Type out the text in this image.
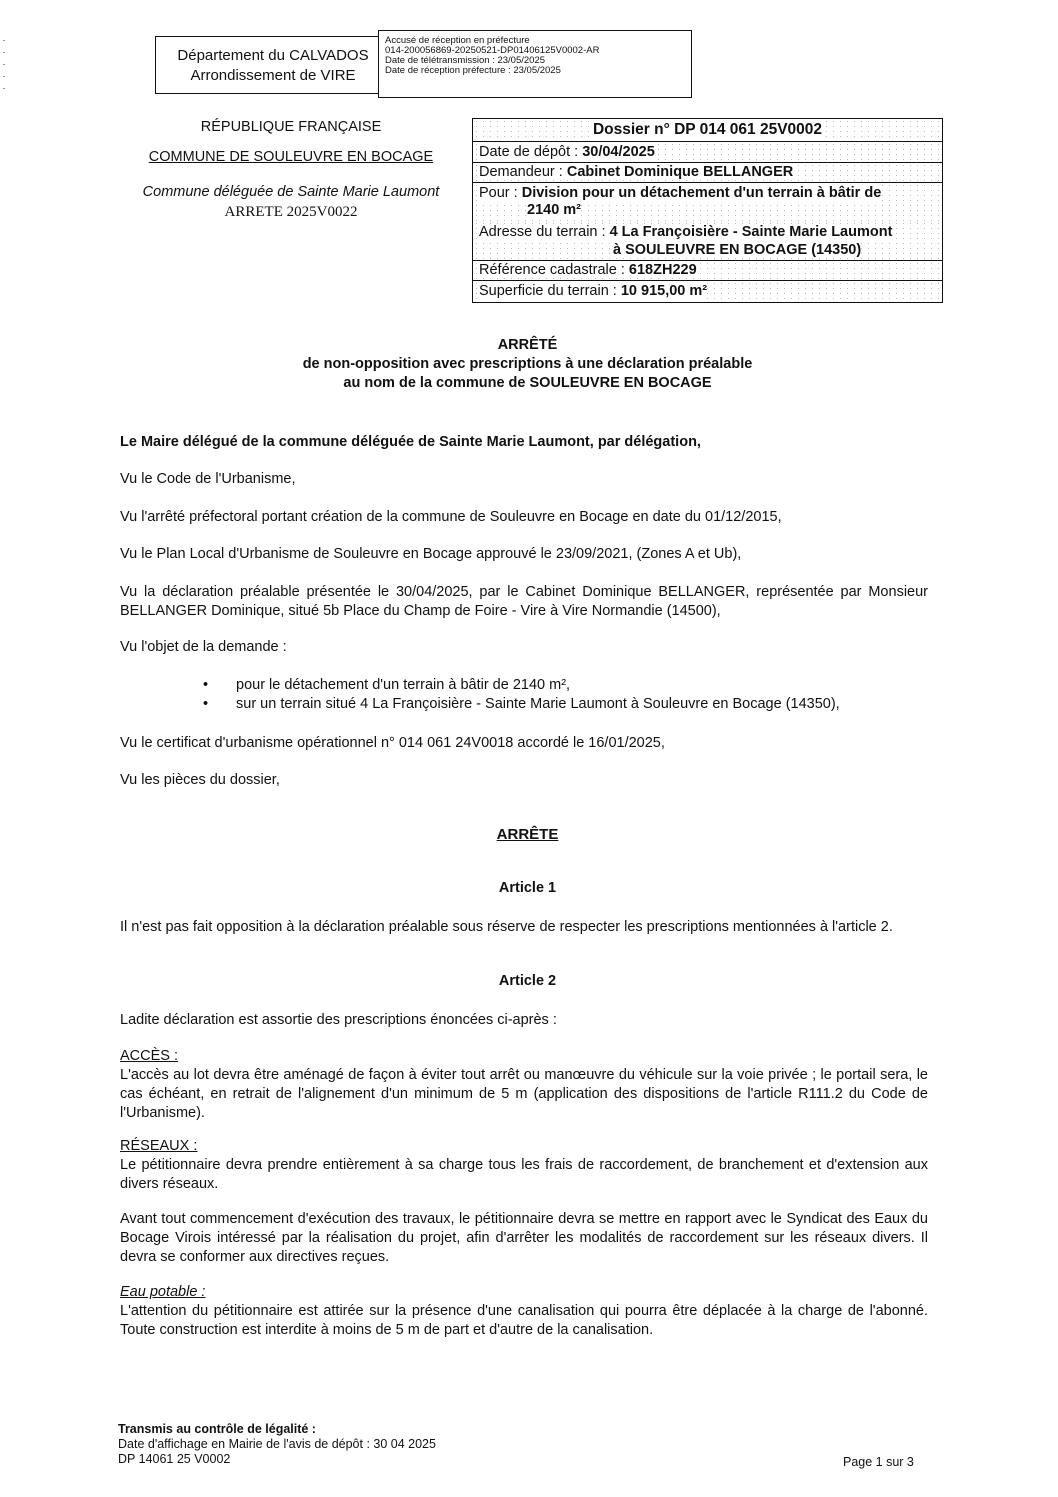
Département du CALVADOS
Arrondissement de VIRE
Accusé de réception en préfecture
014-200056869-20250521-DP01406125V0002-AR
Date de télétransmission : 23/05/2025
Date de réception préfecture : 23/05/2025
RÉPUBLIQUE FRANÇAISE
COMMUNE DE SOULEUVRE EN BOCAGE
Commune déléguée de Sainte Marie Laumont
ARRETE 2025V0022
Dossier n° DP 014 061 25V0002
Date de dépôt : 30/04/2025
Demandeur : Cabinet Dominique BELLANGER
Pour : Division pour un détachement d'un terrain à bâtir de
2140 m²
Adresse du terrain : 4 La Françoisière - Sainte Marie Laumont
à SOULEUVRE EN BOCAGE (14350)
Référence cadastrale : 618ZH229
Superficie du terrain : 10 915,00 m²
ARRÊTÉ
de non-opposition avec prescriptions à une déclaration préalable
au nom de la commune de SOULEUVRE EN BOCAGE
Le Maire délégué de la commune déléguée de Sainte Marie Laumont, par délégation,
Vu le Code de l'Urbanisme,
Vu l'arrêté préfectoral portant création de la commune de Souleuvre en Bocage en date du 01/12/2015,
Vu le Plan Local d'Urbanisme de Souleuvre en Bocage approuvé le 23/09/2021, (Zones A et Ub),
Vu la déclaration préalable présentée le 30/04/2025, par le Cabinet Dominique BELLANGER, représentée par Monsieur BELLANGER Dominique, situé 5b Place du Champ de Foire - Vire à Vire Normandie (14500),
Vu l'objet de la demande :
•	pour le détachement d'un terrain à bâtir de 2140 m²,
•	sur un terrain situé 4 La Françoisière - Sainte Marie Laumont à Souleuvre en Bocage (14350),
Vu le certificat d'urbanisme opérationnel n° 014 061 24V0018 accordé le 16/01/2025,
Vu les pièces du dossier,
ARRÊTE
Article 1
Il n'est pas fait opposition à la déclaration préalable sous réserve de respecter les prescriptions mentionnées à l'article 2.
Article 2
Ladite déclaration est assortie des prescriptions énoncées ci-après :
ACCÈS :
L'accès au lot devra être aménagé de façon à éviter tout arrêt ou manœuvre du véhicule sur la voie privée ; le portail sera, le cas échéant, en retrait de l'alignement d'un minimum de 5 m (application des dispositions de l'article R111.2 du Code de l'Urbanisme).
RÉSEAUX :
Le pétitionnaire devra prendre entièrement à sa charge tous les frais de raccordement, de branchement et d'extension aux divers réseaux.
Avant tout commencement d'exécution des travaux, le pétitionnaire devra se mettre en rapport avec le Syndicat des Eaux du Bocage Virois intéressé par la réalisation du projet, afin d'arrêter les modalités de raccordement sur les réseaux divers. Il devra se conformer aux directives reçues.
Eau potable :
L'attention du pétitionnaire est attirée sur la présence d'une canalisation qui pourra être déplacée à la charge de l'abonné. Toute construction est interdite à moins de 5 m de part et d'autre de la canalisation.
Transmis au contrôle de légalité :
Date d'affichage en Mairie de l'avis de dépôt : 30 04 2025
DP 14061 25 V0002	Page 1 sur 3
